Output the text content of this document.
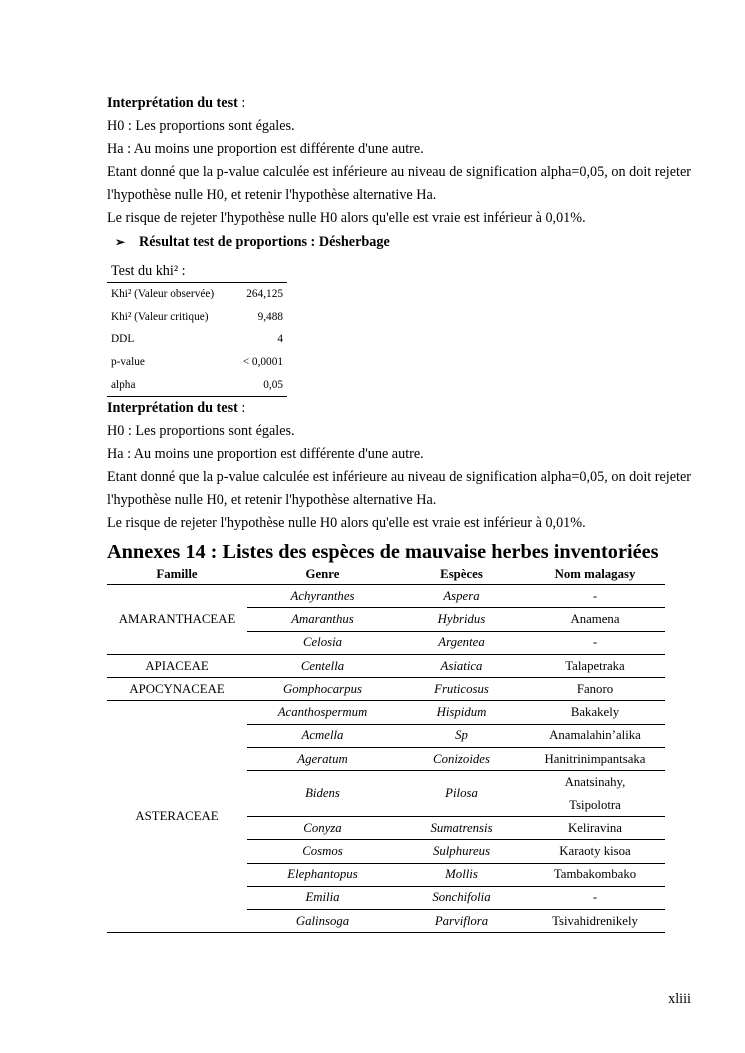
Interprétation du test :

H0 : Les proportions sont égales.

Ha : Au moins une proportion est différente d'une autre.

Etant donné que la p-value calculée est inférieure au niveau de signification alpha=0,05, on doit rejeter l'hypothèse nulle H0, et retenir l'hypothèse alternative Ha.

Le risque de rejeter l'hypothèse nulle H0 alors qu'elle est vraie est inférieur à 0,01%.

➢ Résultat test de proportions : Désherbage

Test du khi² :
Khi² (Valeur observée)	264,125
Khi² (Valeur critique)	9,488
DDL	4
p-value	< 0,0001
alpha	0,05

Interprétation du test :

H0 : Les proportions sont égales.

Ha : Au moins une proportion est différente d'une autre.

Etant donné que la p-value calculée est inférieure au niveau de signification alpha=0,05, on doit rejeter l'hypothèse nulle H0, et retenir l'hypothèse alternative Ha.

Le risque de rejeter l'hypothèse nulle H0 alors qu'elle est vraie est inférieur à 0,01%.

Annexes 14 : Listes des espèces de mauvaise herbes inventoriées
Famille	Genre	Espèces	Nom malagasy
AMARANTHACEAE	Achyranthes	Aspera	-
	Amaranthus	Hybridus	Anamena
	Celosia	Argentea	-
APIACEAE	Centella	Asiatica	Talapetraka
APOCYNACEAE	Gomphocarpus	Fruticosus	Fanoro
ASTERACEAE	Acanthospermum	Hispidum	Bakakely
	Acmella	Sp	Anamalahin’alika
	Ageratum	Conizoides	Hanitrinimpantsaka
	Bidens	Pilosa	Anatsinahy,
Tsipolotra
	Conyza	Sumatrensis	Keliravina
	Cosmos	Sulphureus	Karaoty kisoa
	Elephantopus	Mollis	Tambakombako
	Emilia	Sonchifolia	-
	Galinsoga	Parviflora	Tsivahidrenikely
xliii
